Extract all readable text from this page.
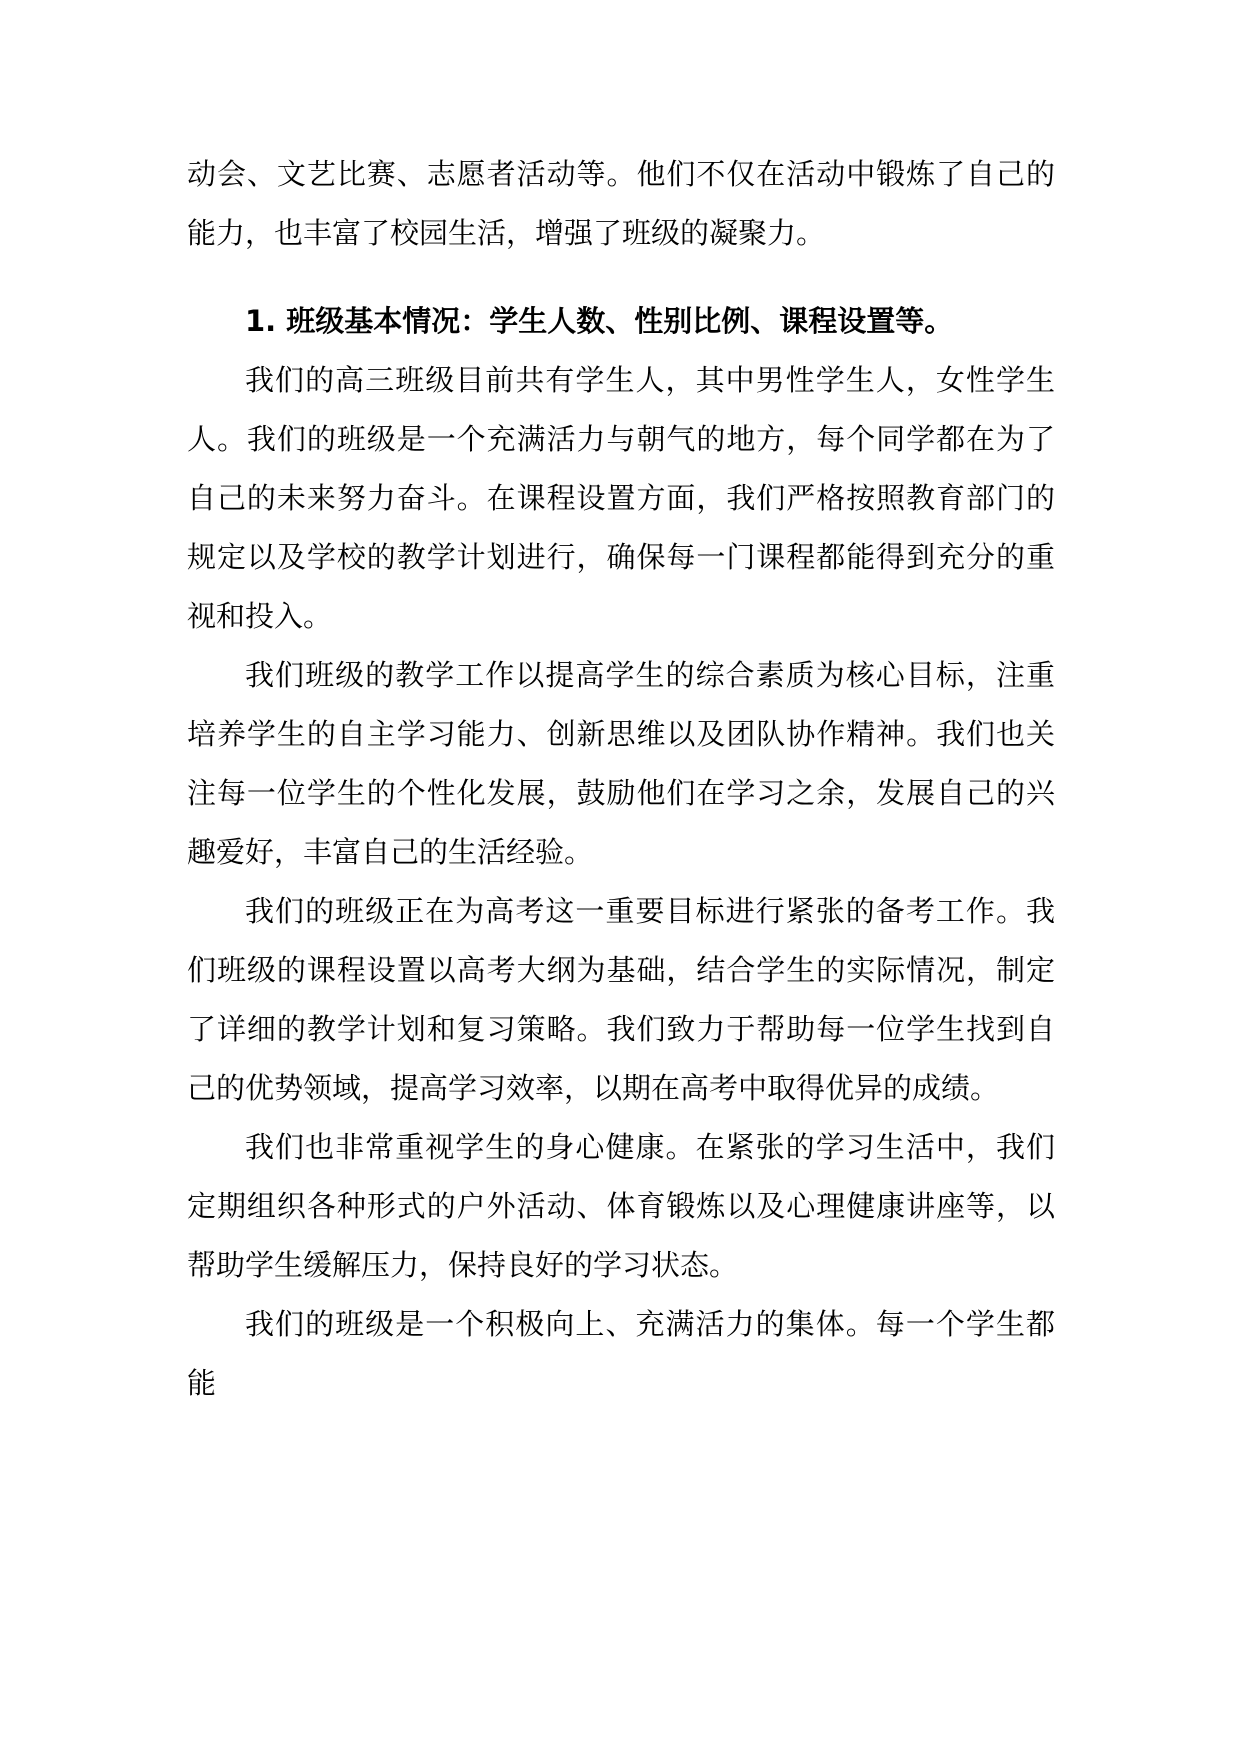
动会、文艺比赛、志愿者活动等。他们不仅在活动中锻炼了自己的能力，也丰富了校园生活，增强了班级的凝聚力。

1. 班级基本情况：学生人数、性别比例、课程设置等。

我们的高三班级目前共有学生人，其中男性学生人，女性学生人。我们的班级是一个充满活力与朝气的地方，每个同学都在为了自己的未来努力奋斗。在课程设置方面，我们严格按照教育部门的规定以及学校的教学计划进行，确保每一门课程都能得到充分的重视和投入。

我们班级的教学工作以提高学生的综合素质为核心目标，注重培养学生的自主学习能力、创新思维以及团队协作精神。我们也关注每一位学生的个性化发展，鼓励他们在学习之余，发展自己的兴趣爱好，丰富自己的生活经验。

我们的班级正在为高考这一重要目标进行紧张的备考工作。我们班级的课程设置以高考大纲为基础，结合学生的实际情况，制定了详细的教学计划和复习策略。我们致力于帮助每一位学生找到自己的优势领域，提高学习效率，以期在高考中取得优异的成绩。

我们也非常重视学生的身心健康。在紧张的学习生活中，我们定期组织各种形式的户外活动、体育锻炼以及心理健康讲座等，以帮助学生缓解压力，保持良好的学习状态。

我们的班级是一个积极向上、充满活力的集体。每一个学生都能
